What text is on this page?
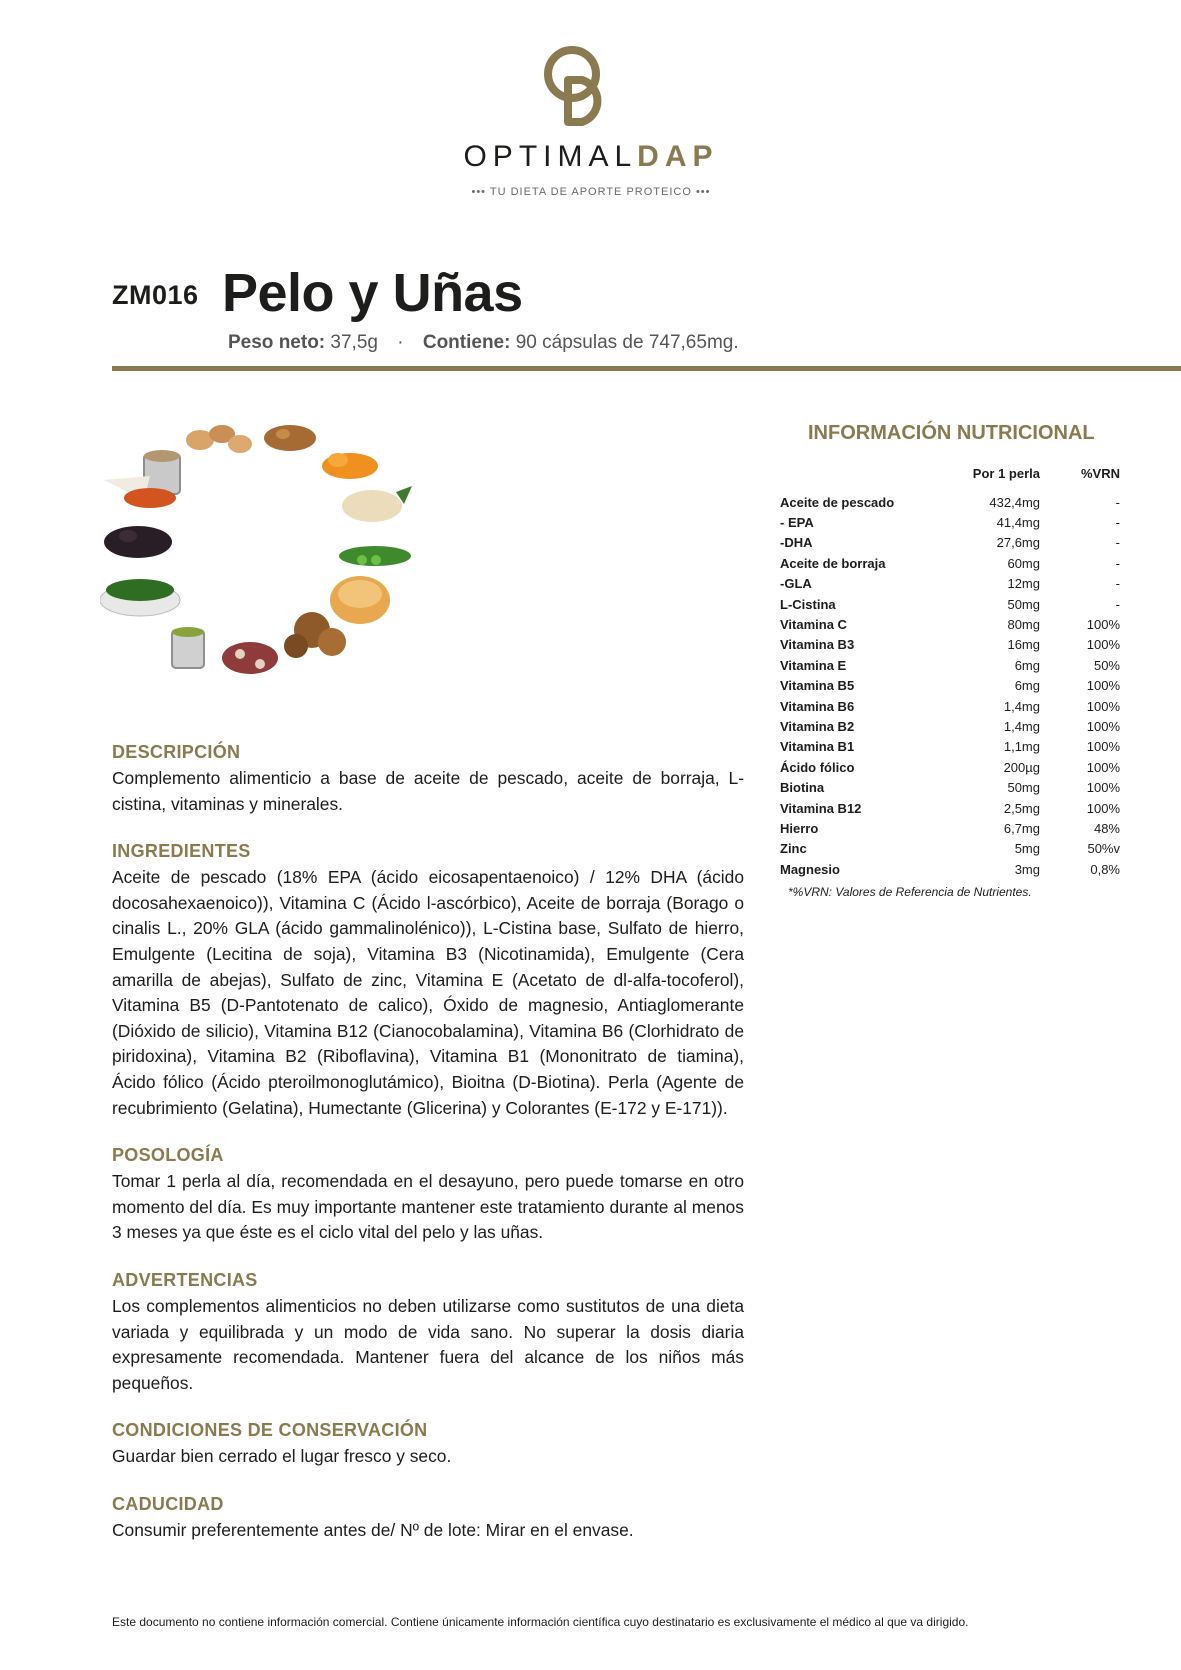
OPTIMALDAP
••• TU DIETA DE APORTE PROTEICO •••
ZM016 Pelo y Uñas
Peso neto: 37,5g · Contiene: 90 cápsulas de 747,65mg.
DESCRIPCIÓN
Complemento alimenticio a base de aceite de pescado, aceite de borraja, L-cistina, vitaminas y minerales.
INGREDIENTES
Aceite de pescado (18% EPA (ácido eicosapentaenoico) / 12% DHA (ácido docosahexaenoico)), Vitamina C (Ácido l-ascórbico), Aceite de borraja (Borago o cinalis L., 20% GLA (ácido gammalinolénico)), L-Cistina base, Sulfato de hierro, Emulgente (Lecitina de soja), Vitamina B3 (Nicotinamida), Emulgente (Cera amarilla de abejas), Sulfato de zinc, Vitamina E (Acetato de dl-alfa-tocoferol), Vitamina B5 (D-Pantotenato de calico), Óxido de magnesio, Antiaglomerante (Dióxido de silicio), Vitamina B12 (Cianocobalamina), Vitamina B6 (Clorhidrato de piridoxina), Vitamina B2 (Riboflavina), Vitamina B1 (Mononitrato de tiamina), Ácido fólico (Ácido pteroilmonoglutámico), Bioitna (D-Biotina). Perla (Agente de recubrimiento (Gelatina), Humectante (Glicerina) y Colorantes (E-172 y E-171)).
POSOLOGÍA
Tomar 1 perla al día, recomendada en el desayuno, pero puede tomarse en otro momento del día. Es muy importante mantener este tratamiento durante al menos 3 meses ya que éste es el ciclo vital del pelo y las uñas.
ADVERTENCIAS
Los complementos alimenticios no deben utilizarse como sustitutos de una dieta variada y equilibrada y un modo de vida sano. No superar la dosis diaria expresamente recomendada. Mantener fuera del alcance de los niños más pequeños.
CONDICIONES DE CONSERVACIÓN
Guardar bien cerrado el lugar fresco y seco.
CADUCIDAD
Consumir preferentemente antes de/ Nº de lote: Mirar en el envase.
INFORMACIÓN NUTRICIONAL
	Por 1 perla	%VRN
Aceite de pescado	432,4mg	-
- EPA	41,4mg	-
-DHA	27,6mg	-
Aceite de borraja	60mg	-
-GLA	12mg	-
L-Cistina	50mg	-
Vitamina C	80mg	100%
Vitamina B3	16mg	100%
Vitamina E	6mg	50%
Vitamina B5	6mg	100%
Vitamina B6	1,4mg	100%
Vitamina B2	1,4mg	100%
Vitamina B1	1,1mg	100%
Ácido fólico	200µg	100%
Biotina	50mg	100%
Vitamina B12	2,5mg	100%
Hierro	6,7mg	48%
Zinc	5mg	50%v
Magnesio	3mg	0,8%
*%VRN: Valores de Referencia de Nutrientes.
Este documento no contiene información comercial. Contiene únicamente información científica cuyo destinatario es exclusivamente el médico al que va dirigido.
